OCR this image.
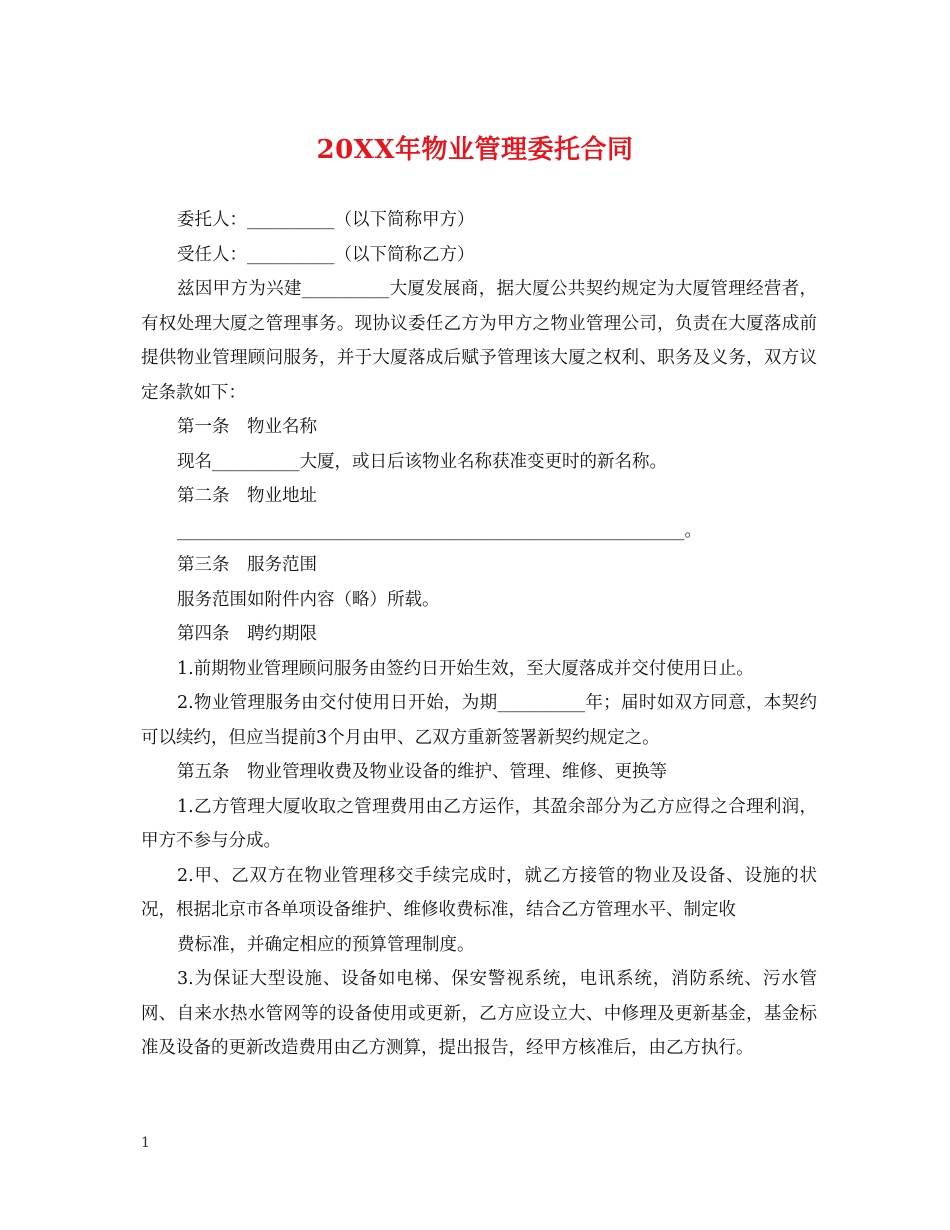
20XX年物业管理委托合同

委托人：__________（以下简称甲方）

受任人：__________（以下简称乙方）

兹因甲方为兴建__________大厦发展商，据大厦公共契约规定为大厦管理经营者，有权处理大厦之管理事务。现协议委任乙方为甲方之物业管理公司，负责在大厦落成前提供物业管理顾问服务，并于大厦落成后赋予管理该大厦之权利、职务及义务，双方议定条款如下：

第一条　物业名称

现名__________大厦，或日后该物业名称获准变更时的新名称。

第二条　物业地址

__________________________________________________________。

第三条　服务范围

服务范围如附件内容（略）所载。

第四条　聘约期限

1.前期物业管理顾问服务由签约日开始生效，至大厦落成并交付使用日止。

2.物业管理服务由交付使用日开始，为期__________年；届时如双方同意，本契约可以续约，但应当提前3个月由甲、乙双方重新签署新契约规定之。

第五条　物业管理收费及物业设备的维护、管理、维修、更换等

1.乙方管理大厦收取之管理费用由乙方运作，其盈余部分为乙方应得之合理利润，甲方不参与分成。

2.甲、乙双方在物业管理移交手续完成时，就乙方接管的物业及设备、设施的状况，根据北京市各单项设备维护、维修收费标准，结合乙方管理水平、制定收

费标准，并确定相应的预算管理制度。

3.为保证大型设施、设备如电梯、保安警视系统，电讯系统，消防系统、污水管网、自来水热水管网等的设备使用或更新，乙方应设立大、中修理及更新基金，基金标准及设备的更新改造费用由乙方测算，提出报告，经甲方核准后，由乙方执行。

1
